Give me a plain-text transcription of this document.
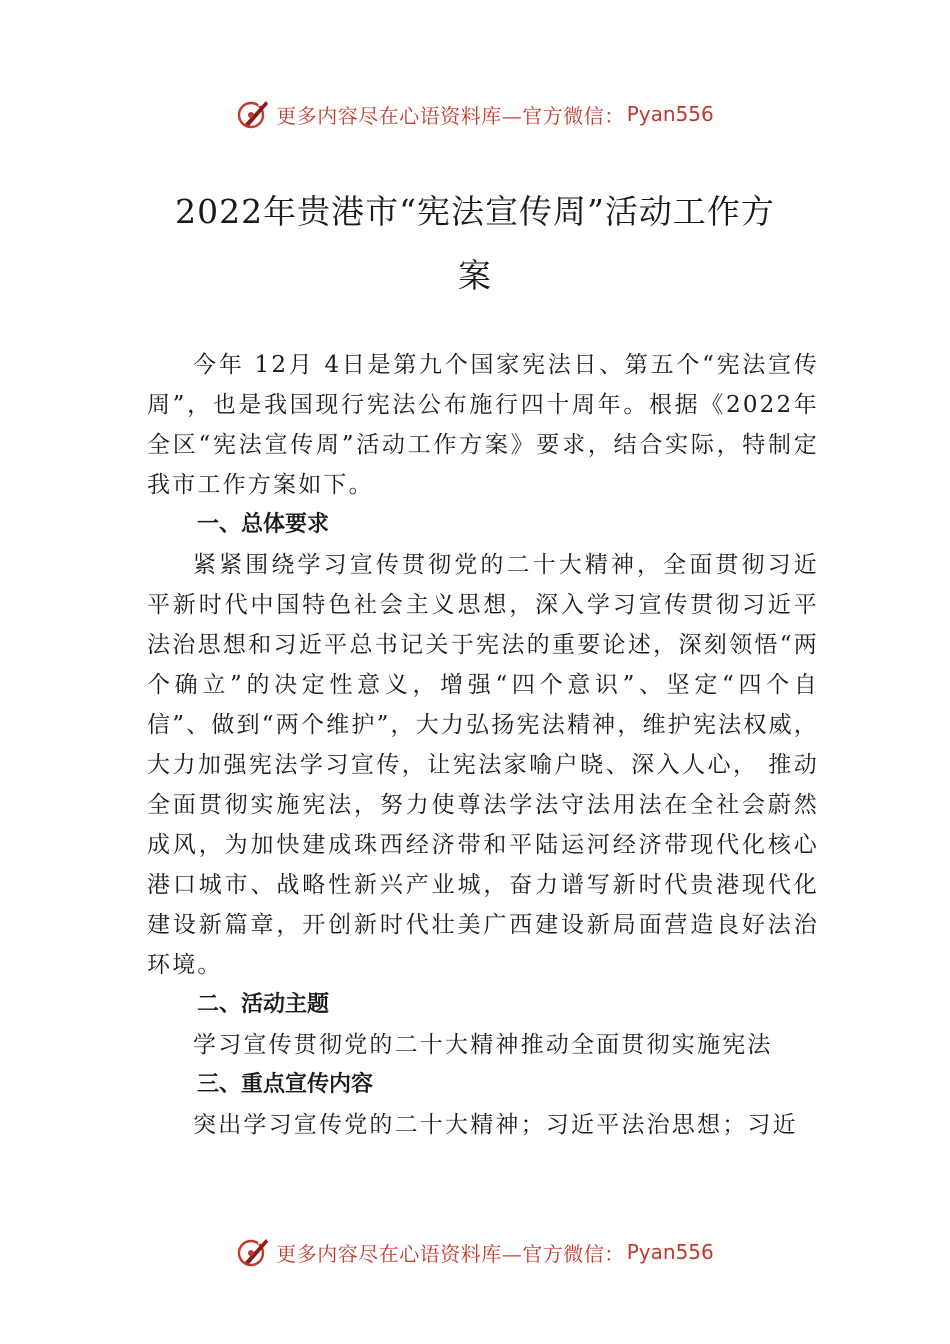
更多内容尽在心语资料库—官方微信： Pyan556
2022年贵港市“宪法宣传周”活动工作方
案

今年 12月 4日是第九个国家宪法日、第五个“宪法宣传周”，也是我国现行宪法公布施行四十周年。根据《2022年全区“宪法宣传周”活动工作方案》要求，结合实际，特制定我市工作方案如下。

一、总体要求

紧紧围绕学习宣传贯彻党的二十大精神，全面贯彻习近平新时代中国特色社会主义思想，深入学习宣传贯彻习近平法治思想和习近平总书记关于宪法的重要论述，深刻领悟“两个确立”的决定性意义，增强“四个意识”、坚定“四个自信”、做到“两个维护”，大力弘扬宪法精神，维护宪法权威，大力加强宪法学习宣传，让宪法家喻户晓、深入人心， 推动全面贯彻实施宪法，努力使尊法学法守法用法在全社会蔚然成风，为加快建成珠西经济带和平陆运河经济带现代化核心港口城市、战略性新兴产业城，奋力谱写新时代贵港现代化建设新篇章，开创新时代壮美广西建设新局面营造良好法治环境。

二、活动主题

学习宣传贯彻党的二十大精神推动全面贯彻实施宪法

三、重点宣传内容

突出学习宣传党的二十大精神；习近平法治思想；习近

更多内容尽在心语资料库—官方微信： Pyan556
